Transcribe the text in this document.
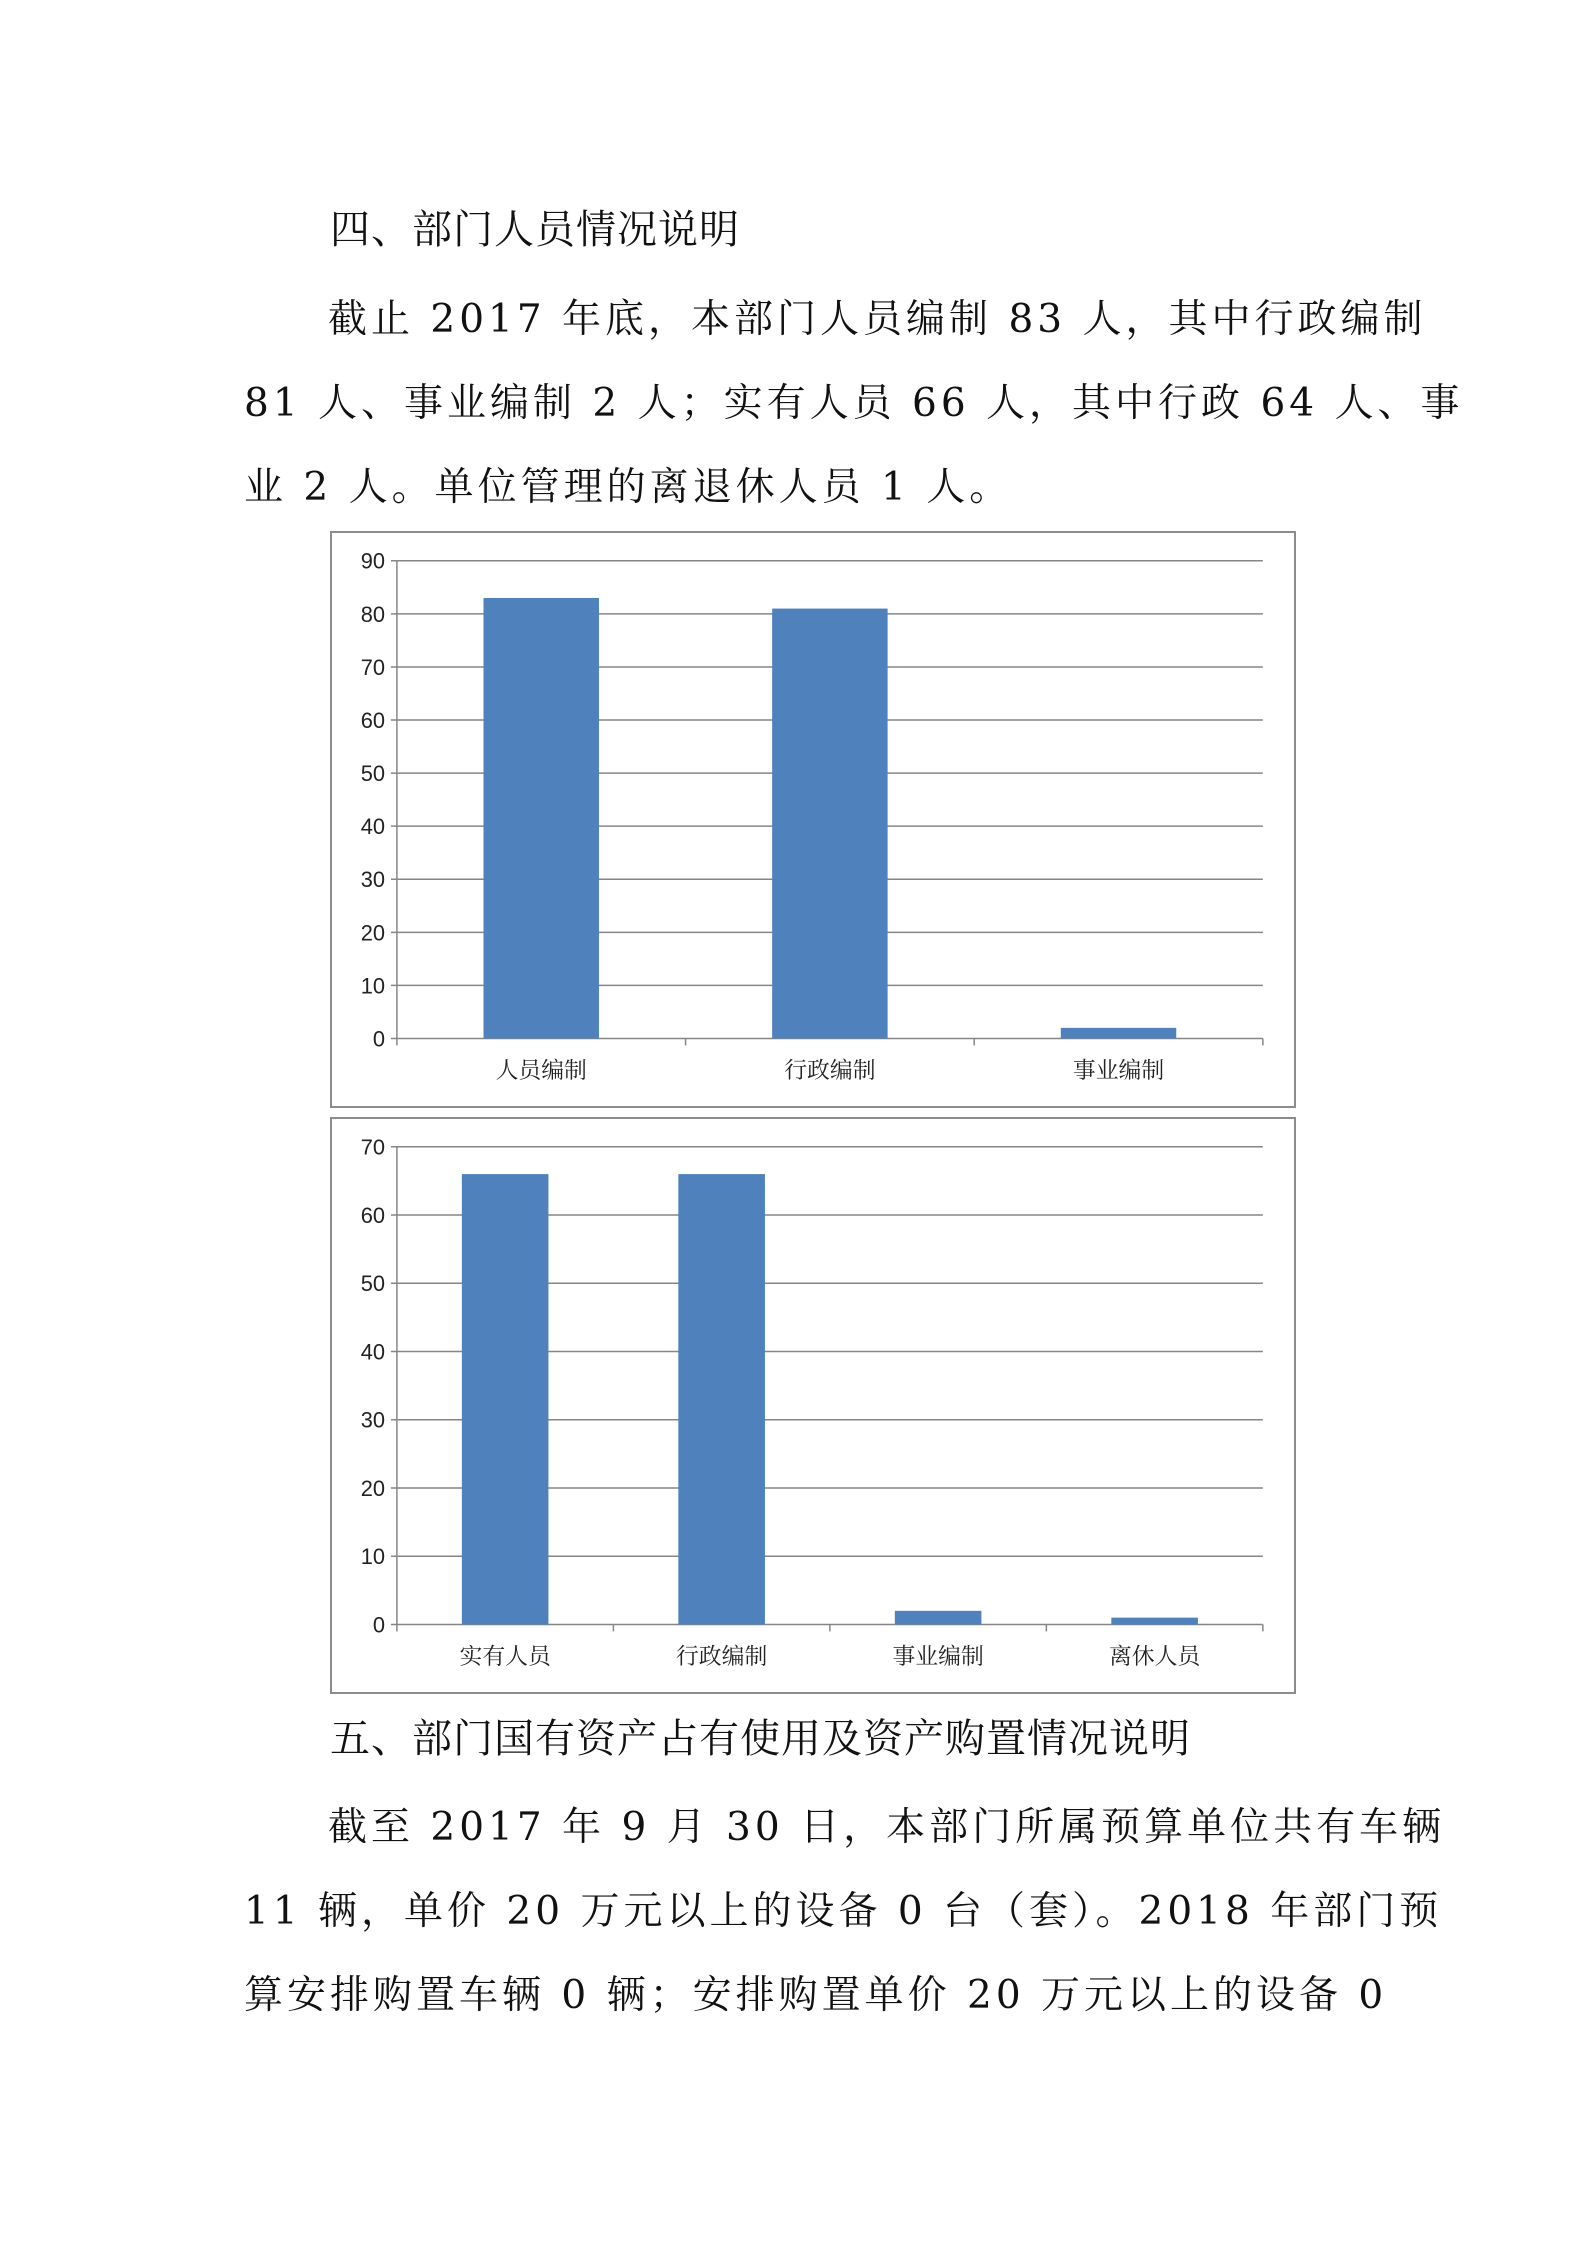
四、部门人员情况说明
截止 2017 年底，本部门人员编制 83 人，其中行政编制
81 人、事业编制 2 人；实有人员 66 人，其中行政 64 人、事
业 2 人。单位管理的离退休人员 1 人。
0
10
20
30
40
50
60
70
80
90
人员编制	行政编制	事业编制
0
10
20
30
40
50
60
70
实有人员	行政编制	事业编制	离休人员
五、部门国有资产占有使用及资产购置情况说明
截至 2017 年 9 月 30 日，本部门所属预算单位共有车辆
11 辆，单价 20 万元以上的设备 0 台（套）。2018 年部门预
算安排购置车辆 0 辆；安排购置单价 20 万元以上的设备 0
